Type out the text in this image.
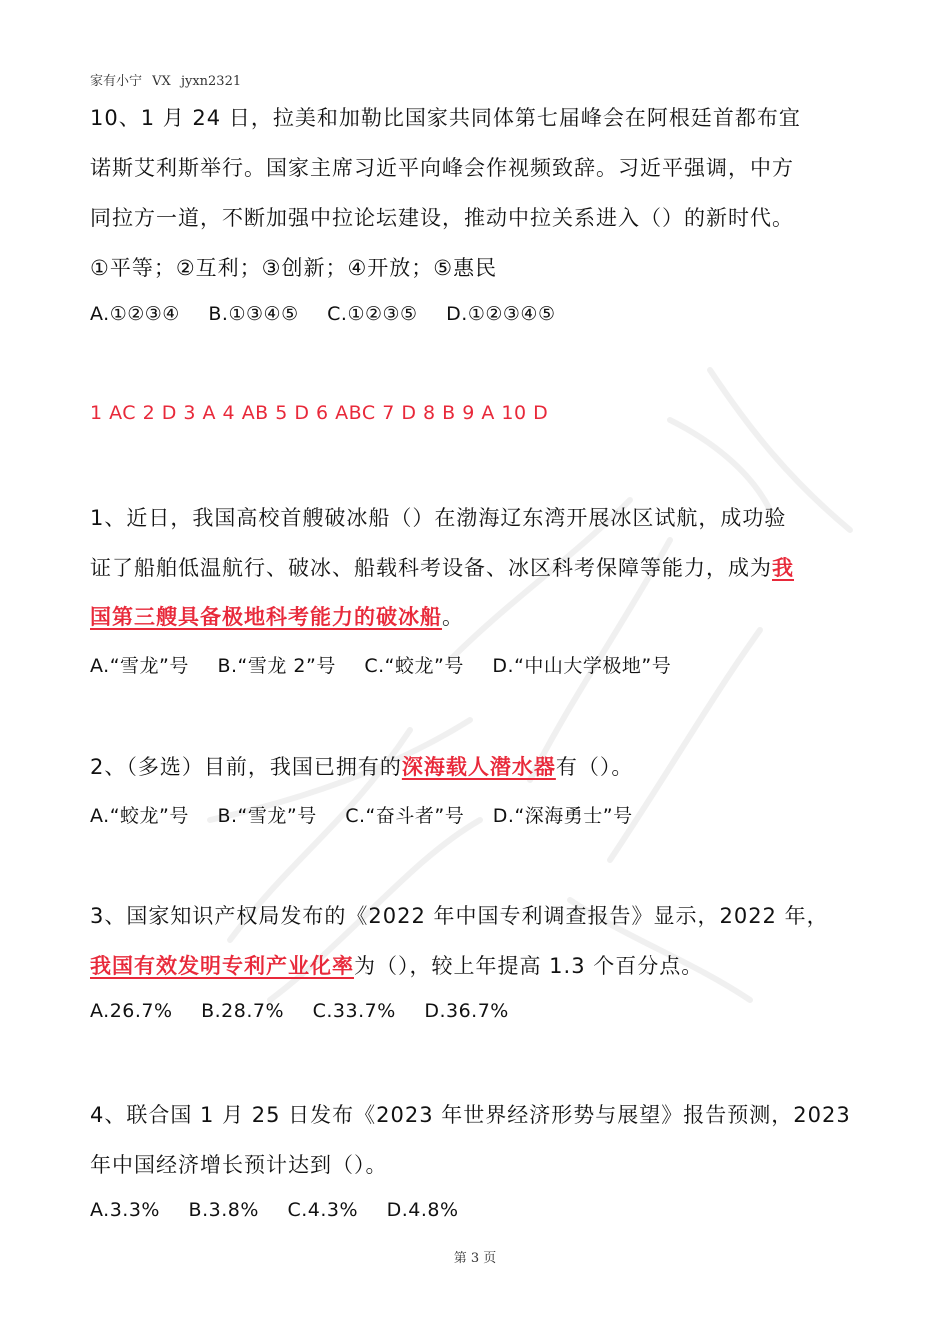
家有小宁 VX jyxn2321
10、1 月 24 日，拉美和加勒比国家共同体第七届峰会在阿根廷首都布宜
诺斯艾利斯举行。国家主席习近平向峰会作视频致辞。习近平强调，中方
同拉方一道，不断加强中拉论坛建设，推动中拉关系进入（）的新时代。
①平等；②互利；③创新；④开放；⑤惠民
A.①②③④ B.①③④⑤ C.①②③⑤ D.①②③④⑤
1 AC 2 D 3 A 4 AB 5 D 6 ABC 7 D 8 B 9 A 10 D
1、近日，我国高校首艘破冰船（）在渤海辽东湾开展冰区试航，成功验
证了船舶低温航行、破冰、船载科考设备、冰区科考保障等能力，成为我
国第三艘具备极地科考能力的破冰船。
A.“雪龙”号 B.“雪龙 2”号 C.“蛟龙”号 D.“中山大学极地”号
2、（多选）目前，我国已拥有的深海载人潜水器有（）。
A.“蛟龙”号 B.“雪龙”号 C.“奋斗者”号 D.“深海勇士”号
3、国家知识产权局发布的《2022 年中国专利调查报告》显示，2022 年，
我国有效发明专利产业化率为（），较上年提高 1.3 个百分点。
A.26.7% B.28.7% C.33.7% D.36.7%
4、联合国 1 月 25 日发布《2023 年世界经济形势与展望》报告预测，2023
年中国经济增长预计达到（）。
A.3.3% B.3.8% C.4.3% D.4.8%
第 3 页
